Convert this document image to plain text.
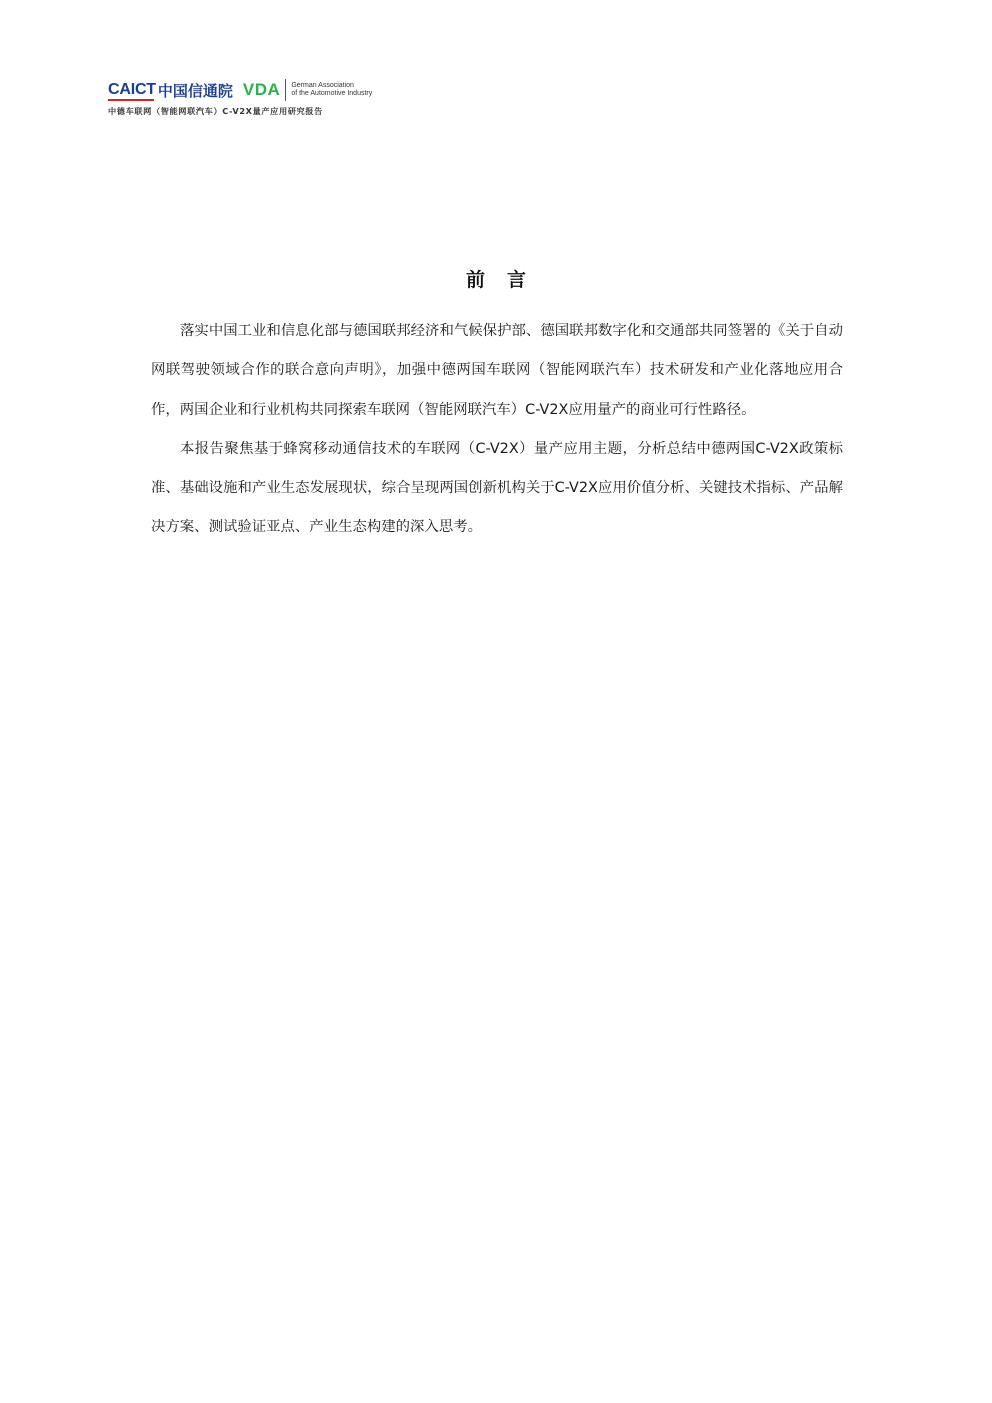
CAICT 中国信通院 VDA German Association
of the Automotive Industry
中德车联网（智能网联汽车）C-V2X量产应用研究报告
前 言

落实中国工业和信息化部与德国联邦经济和气候保护部、德国联邦数字化和交通部共同签署的《关于自动网联驾驶领域合作的联合意向声明》，加强中德两国车联网（智能网联汽车）技术研发和产业化落地应用合作，两国企业和行业机构共同探索车联网（智能网联汽车）C-V2X应用量产的商业可行性路径。

本报告聚焦基于蜂窝移动通信技术的车联网（C-V2X）量产应用主题，分析总结中德两国C-V2X政策标准、基础设施和产业生态发展现状，综合呈现两国创新机构关于C-V2X应用价值分析、关键技术指标、产品解决方案、测试验证亚点、产业生态构建的深入思考。
